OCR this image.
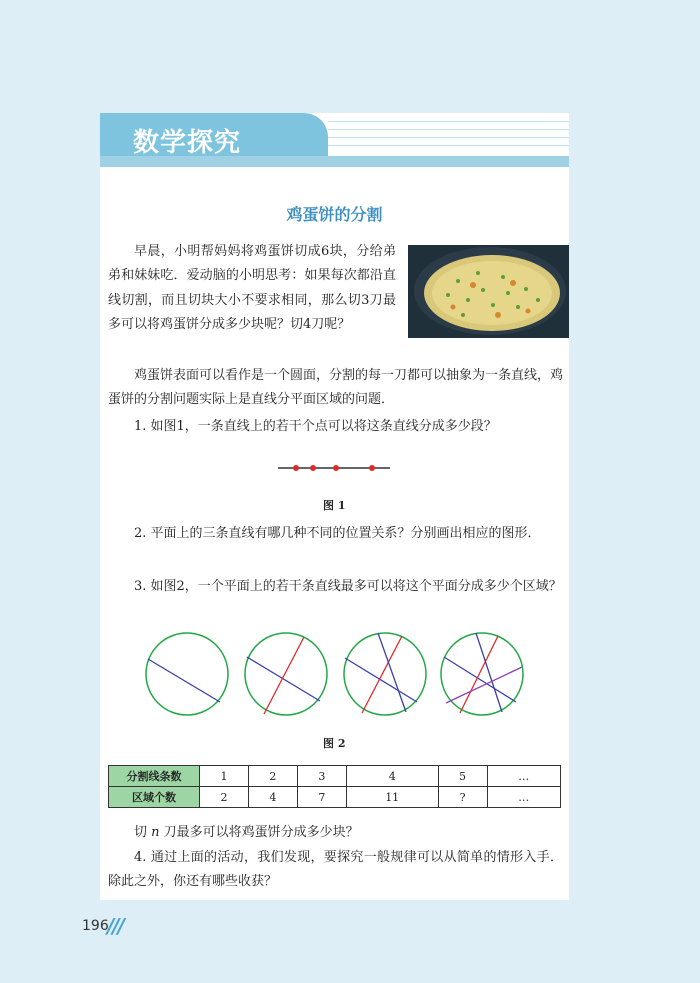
数学探究
鸡蛋饼的分割
早晨，小明帮妈妈将鸡蛋饼切成6块，分给弟弟和妹妹吃．爱动脑的小明思考：如果每次都沿直线切割，而且切块大小不要求相同，那么切3刀最多可以将鸡蛋饼分成多少块呢？切4刀呢？
鸡蛋饼表面可以看作是一个圆面，分割的每一刀都可以抽象为一条直线，鸡蛋饼的分割问题实际上是直线分平面区域的问题．
1. 如图1，一条直线上的若干个点可以将这条直线分成多少段？
图 1
2. 平面上的三条直线有哪几种不同的位置关系？分别画出相应的图形．
3. 如图2，一个平面上的若干条直线最多可以将这个平面分成多少个区域？
图 2
分割线条数	1	2	3	4	5	…
区域个数	2	4	7	11	?	…
切 n 刀最多可以将鸡蛋饼分成多少块？
4. 通过上面的活动，我们发现，要探究一般规律可以从简单的情形入手．除此之外，你还有哪些收获？
196
///
